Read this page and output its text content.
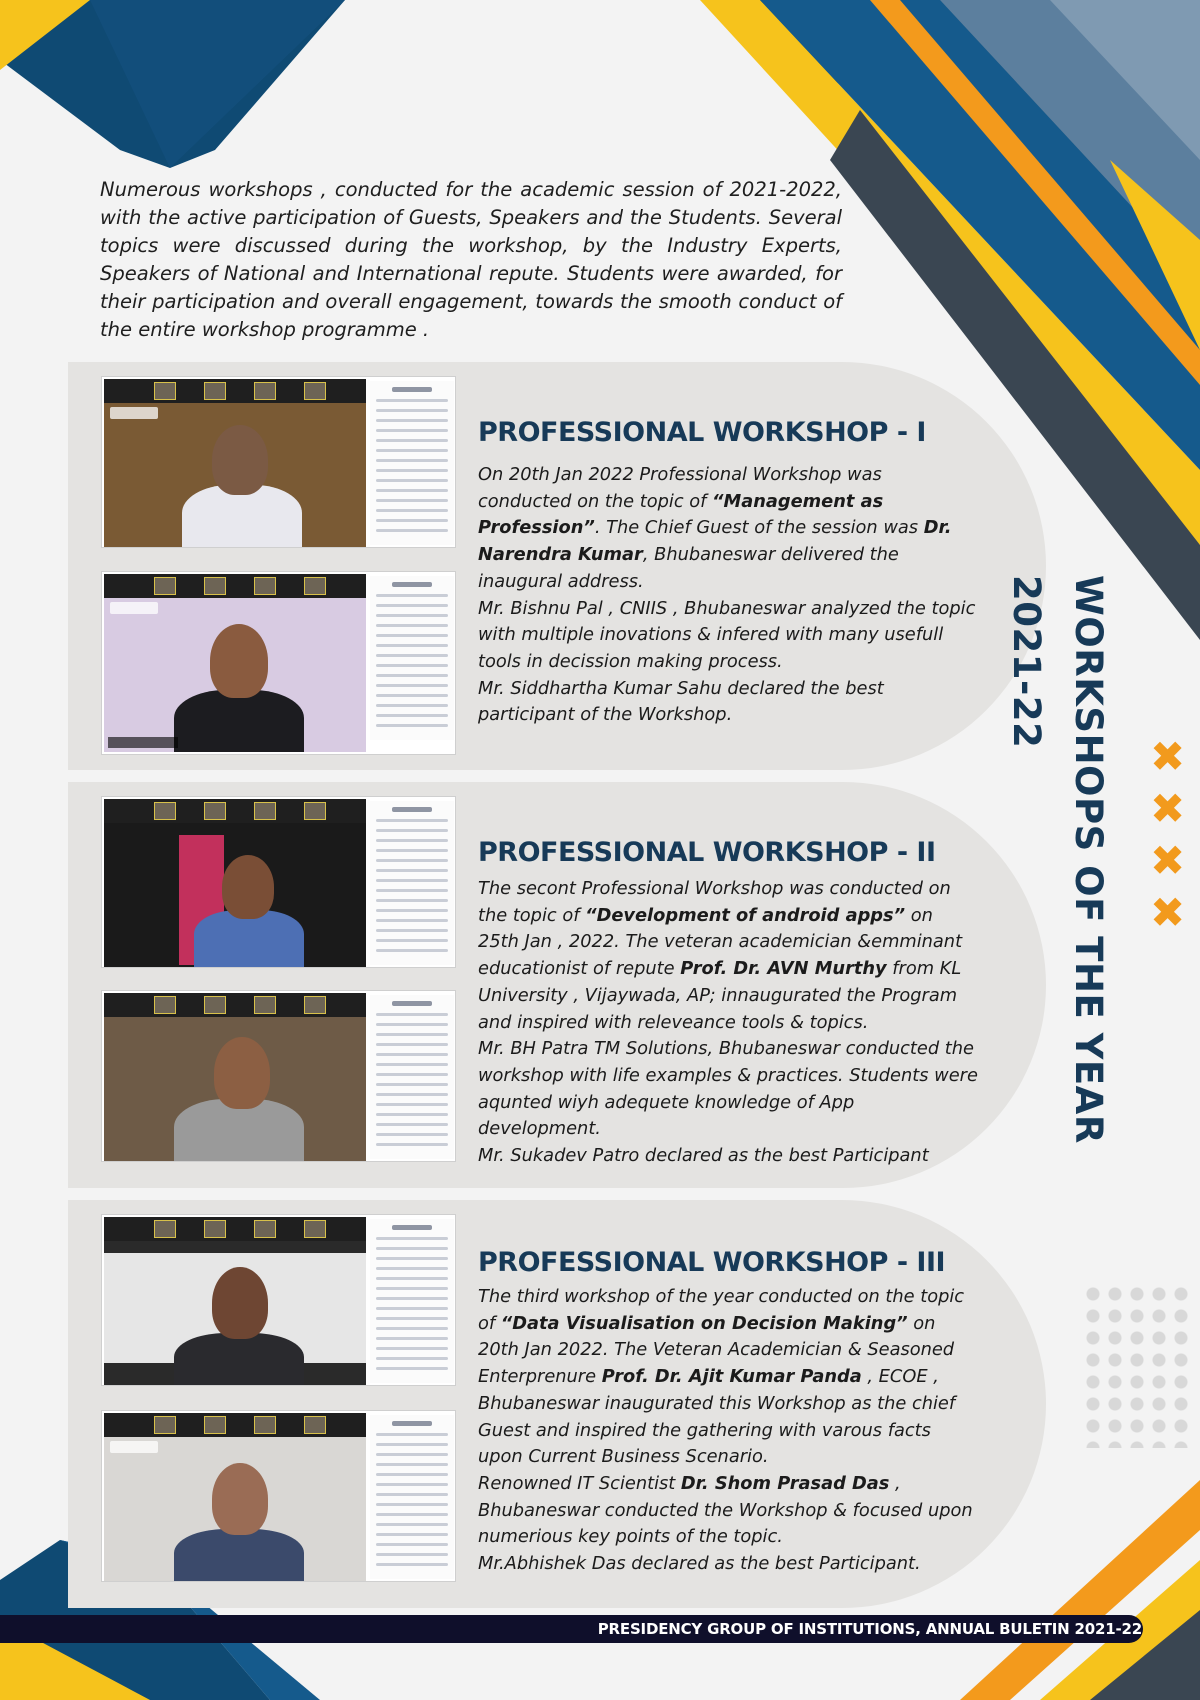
Numerous workshops , conducted for the academic session of 2021-2022, with the active participation of Guests, Speakers and the Students. Several topics were discussed during the workshop, by the Industry Experts, Speakers of National and International repute. Students were awarded, for their participation and overall engagement, towards the smooth conduct of the entire workshop programme .
PROFESSIONAL WORKSHOP - I
On 20th Jan 2022 Professional Workshop was conducted on the topic of “Management as Profession”. The Chief Guest of the session was Dr. Narendra Kumar, Bhubaneswar delivered the inaugural address.
Mr. Bishnu Pal , CNIIS , Bhubaneswar analyzed the topic with multiple inovations & infered with many usefull tools in decission making process.
Mr. Siddhartha Kumar Sahu declared the best participant of the Workshop.
PROFESSIONAL WORKSHOP - II
The secont Professional Workshop was conducted on the topic of “Development of android apps” on 25th Jan , 2022. The veteran academician &emminant educationist of repute Prof. Dr. AVN Murthy from KL University , Vijaywada, AP; innaugurated the Program and inspired with releveance tools & topics.
Mr. BH Patra TM Solutions, Bhubaneswar conducted the workshop with life examples & practices. Students were aqunted wiyh adequete knowledge of App development.
Mr. Sukadev Patro declared as the best Participant
PROFESSIONAL WORKSHOP - III
The third workshop of the year conducted on the topic of “Data Visualisation on Decision Making” on 20th Jan 2022. The Veteran Academician & Seasoned Enterprenure Prof. Dr. Ajit Kumar Panda , ECOE , Bhubaneswar inaugurated this Workshop as the chief Guest and inspired the gathering with varous facts upon Current Business Scenario.
Renowned IT Scientist Dr. Shom Prasad Das , Bhubaneswar conducted the Workshop & focused upon numerious key points of the topic.
Mr.Abhishek Das declared as the best Participant.
WORKSHOPS OF THE YEAR 2021-22
✖
✖
✖
✖
PRESIDENCY GROUP OF INSTITUTIONS, ANNUAL BULETIN 2021-22
